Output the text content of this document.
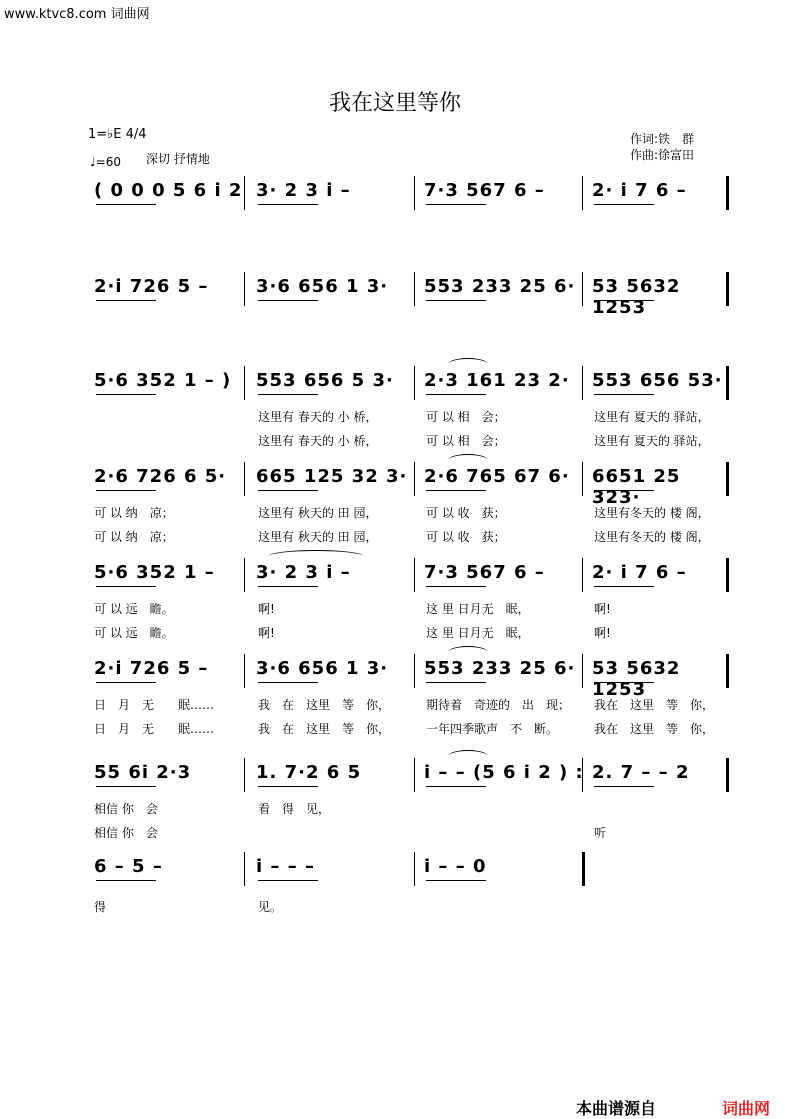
www.ktvc8.com 词曲网
我在这里等你
1=♭E 4/4
♩=60 深切 抒情地
作词:铁　群
作曲:徐富田
( 0 0 0 5 6 i 2 3· 2 3 i –	7·3 567 6 –	2· i 7 6 –
2·i 726 5 –	3·6 656 1 3· 553 233 25 6· 53 5632 1253
5·6 352 1 – ) 553 656 5 3· 2·3 161 23 2· 553 656 53·
这里有 春天的 小 桥，	可 以 相　会；	这里有 夏天的 驿站，
这里有 春天的 小 桥，	可 以 相　会；	这里有 夏天的 驿站，
2·6 726 6 5· 665 125 32 3· 2·6 765 67 6· 6651 25 323·
可 以 纳　凉；	这里有 秋天的 田 园，	可 以 收　获；	这里有冬天的 楼 阁，
可 以 纳　凉；	这里有 秋天的 田 园，	可 以 收　获；	这里有冬天的 楼 阁，
5·6 352 1 – 3· 2 3 i –	7·3 567 6 –	2· i 7 6 –
可 以 远　瞻。	啊!	这 里 日月无　眠，	啊!
可 以 远　瞻。	啊!	这 里 日月无　眠，	啊!
2·i 726 5 –	3·6 656 1 3· 553 233 25 6· 53 5632 1253
日　月　无　　眠……	我　在　这里　等　你，	期待着　奇迹的　出　现； 我在　这里　等　你，
日　月　无　　眠……	我　在　这里　等　你，	一年四季歌声　不　断。	我在　这里　等　你，
55 6i 2·3	1. 7·2 6 5	i – – (5 6 i 2 ) : 2. 7 – – 2
相信 你　会	看　得　见，
相信 你　会	听
6 – 5 –	i – – –	i – – 0
得	见。
本曲谱源自	词曲网
